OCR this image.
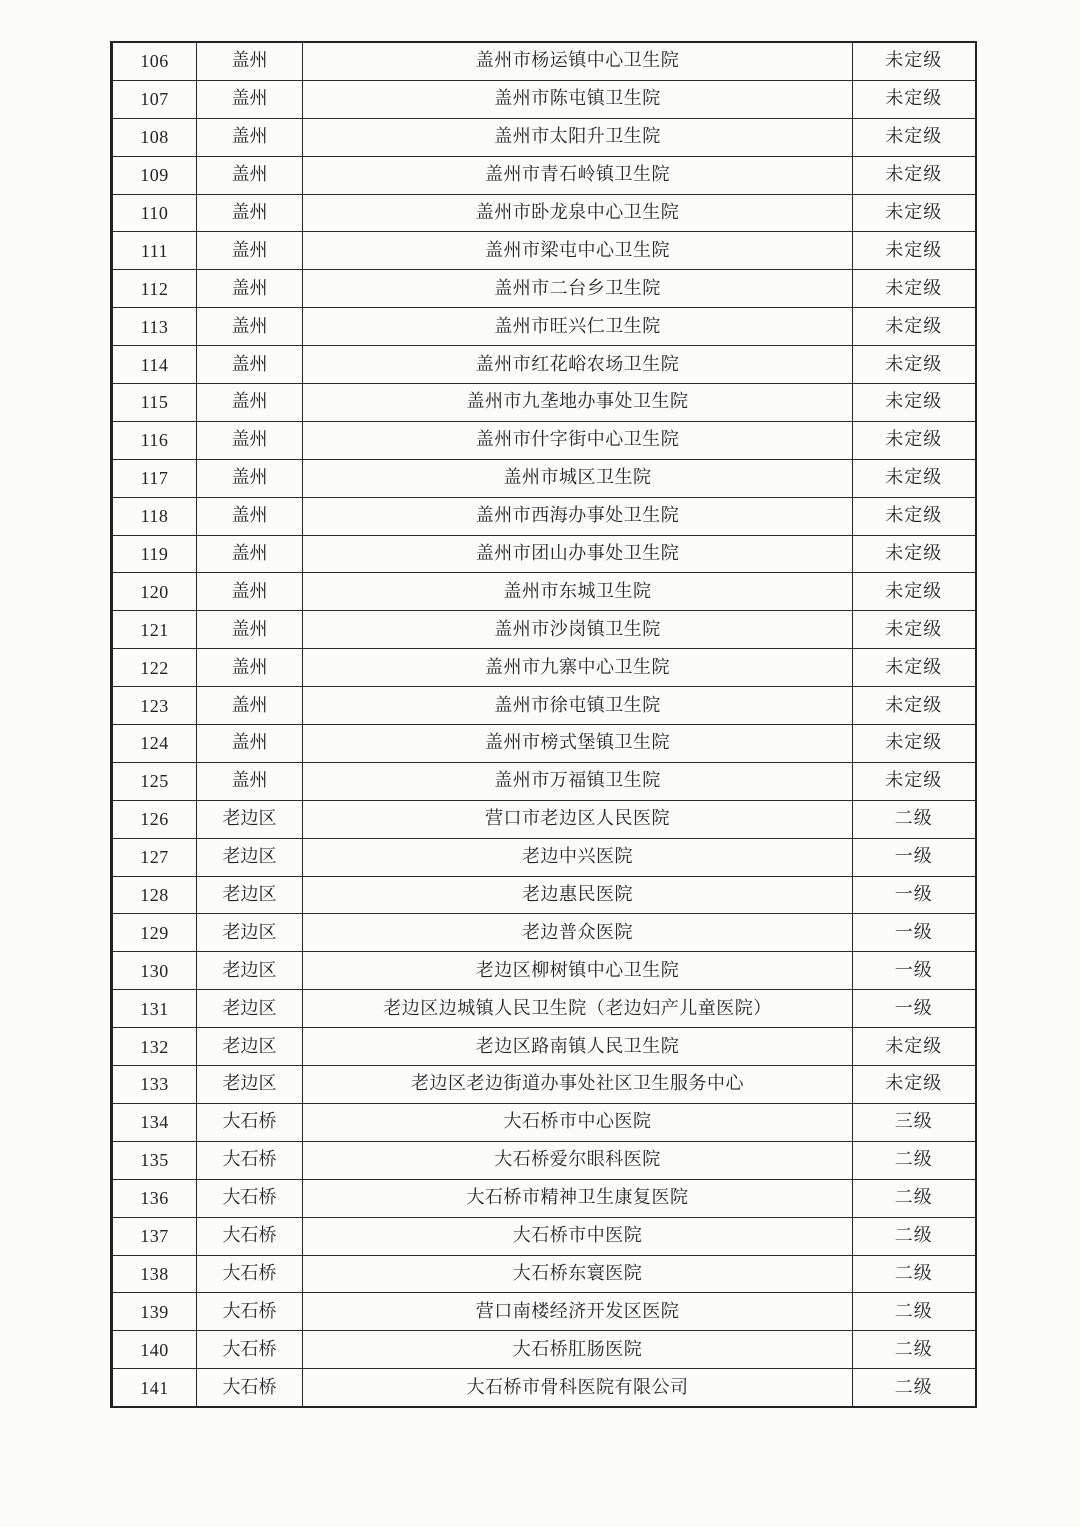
106	盖州	盖州市杨运镇中心卫生院	未定级
107	盖州	盖州市陈屯镇卫生院	未定级
108	盖州	盖州市太阳升卫生院	未定级
109	盖州	盖州市青石岭镇卫生院	未定级
110	盖州	盖州市卧龙泉中心卫生院	未定级
111	盖州	盖州市梁屯中心卫生院	未定级
112	盖州	盖州市二台乡卫生院	未定级
113	盖州	盖州市旺兴仁卫生院	未定级
114	盖州	盖州市红花峪农场卫生院	未定级
115	盖州	盖州市九垄地办事处卫生院	未定级
116	盖州	盖州市什字街中心卫生院	未定级
117	盖州	盖州市城区卫生院	未定级
118	盖州	盖州市西海办事处卫生院	未定级
119	盖州	盖州市团山办事处卫生院	未定级
120	盖州	盖州市东城卫生院	未定级
121	盖州	盖州市沙岗镇卫生院	未定级
122	盖州	盖州市九寨中心卫生院	未定级
123	盖州	盖州市徐屯镇卫生院	未定级
124	盖州	盖州市榜式堡镇卫生院	未定级
125	盖州	盖州市万福镇卫生院	未定级
126	老边区	营口市老边区人民医院	二级
127	老边区	老边中兴医院	一级
128	老边区	老边惠民医院	一级
129	老边区	老边普众医院	一级
130	老边区	老边区柳树镇中心卫生院	一级
131	老边区	老边区边城镇人民卫生院（老边妇产儿童医院）	一级
132	老边区	老边区路南镇人民卫生院	未定级
133	老边区	老边区老边街道办事处社区卫生服务中心	未定级
134	大石桥	大石桥市中心医院	三级
135	大石桥	大石桥爱尔眼科医院	二级
136	大石桥	大石桥市精神卫生康复医院	二级
137	大石桥	大石桥市中医院	二级
138	大石桥	大石桥东寰医院	二级
139	大石桥	营口南楼经济开发区医院	二级
140	大石桥	大石桥肛肠医院	二级
141	大石桥	大石桥市骨科医院有限公司	二级
